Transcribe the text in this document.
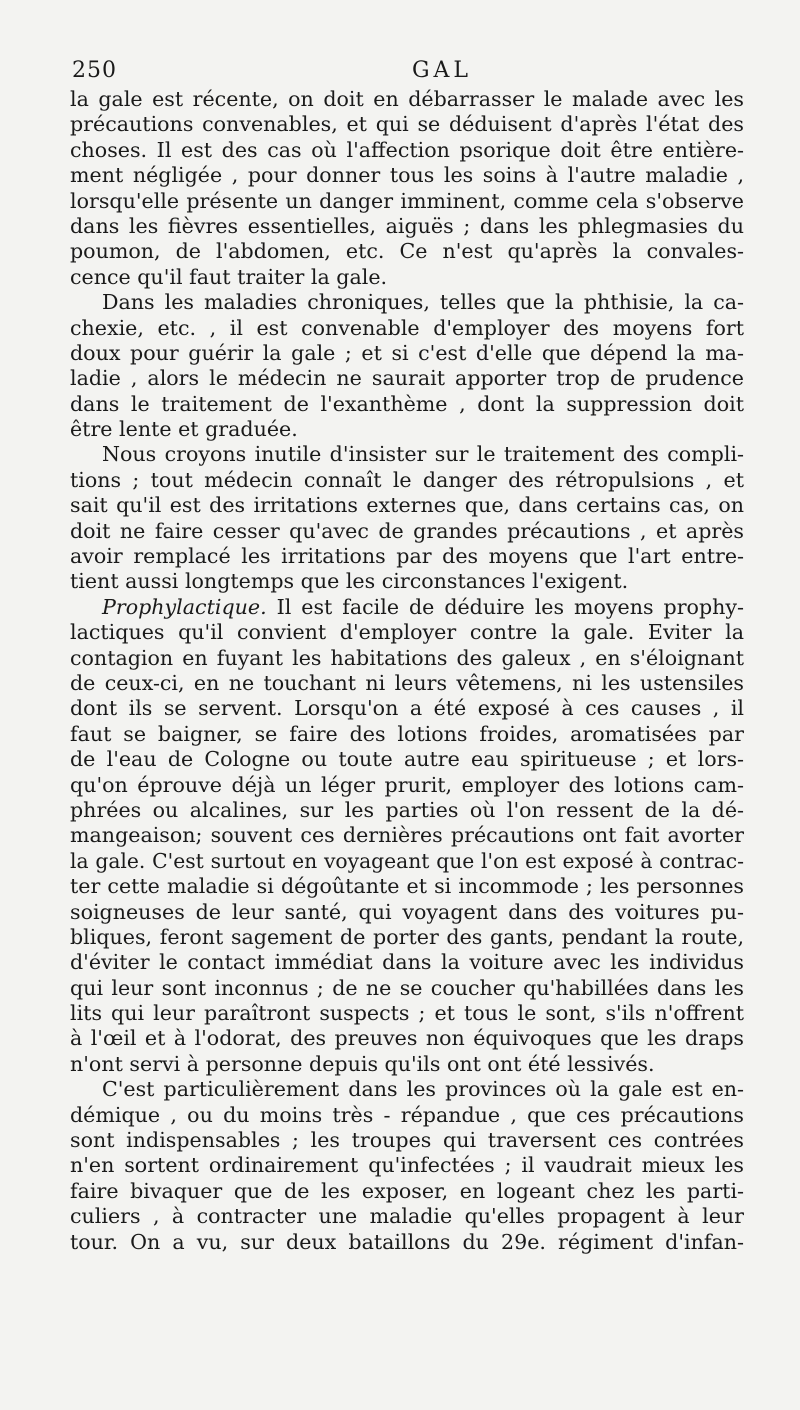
250	GAL
la gale est récente, on doit en débarrasser le malade avec les
précautions convenables, et qui se déduisent d'après l'état des
choses. Il est des cas où l'affection psorique doit être entière-
ment négligée , pour donner tous les soins à l'autre maladie ,
lorsqu'elle présente un danger imminent, comme cela s'observe
dans les fièvres essentielles, aiguës ; dans les phlegmasies du
poumon, de l'abdomen, etc. Ce n'est qu'après la convales-
cence qu'il faut traiter la gale.
Dans les maladies chroniques, telles que la phthisie, la ca-
chexie, etc. , il est convenable d'employer des moyens fort
doux pour guérir la gale ; et si c'est d'elle que dépend la ma-
ladie , alors le médecin ne saurait apporter trop de prudence
dans le traitement de l'exanthème , dont la suppression doit
être lente et graduée.
Nous croyons inutile d'insister sur le traitement des compli-
tions ; tout médecin connaît le danger des rétropulsions , et
sait qu'il est des irritations externes que, dans certains cas, on
doit ne faire cesser qu'avec de grandes précautions , et après
avoir remplacé les irritations par des moyens que l'art entre-
tient aussi longtemps que les circonstances l'exigent.
Prophylactique. Il est facile de déduire les moyens prophy-
lactiques qu'il convient d'employer contre la gale. Eviter la
contagion en fuyant les habitations des galeux , en s'éloignant
de ceux-ci, en ne touchant ni leurs vêtemens, ni les ustensiles
dont ils se servent. Lorsqu'on a été exposé à ces causes , il
faut se baigner, se faire des lotions froides, aromatisées par
de l'eau de Cologne ou toute autre eau spiritueuse ; et lors-
qu'on éprouve déjà un léger prurit, employer des lotions cam-
phrées ou alcalines, sur les parties où l'on ressent de la dé-
mangeaison; souvent ces dernières précautions ont fait avorter
la gale. C'est surtout en voyageant que l'on est exposé à contrac-
ter cette maladie si dégoûtante et si incommode ; les personnes
soigneuses de leur santé, qui voyagent dans des voitures pu-
bliques, feront sagement de porter des gants, pendant la route,
d'éviter le contact immédiat dans la voiture avec les individus
qui leur sont inconnus ; de ne se coucher qu'habillées dans les
lits qui leur paraîtront suspects ; et tous le sont, s'ils n'offrent
à l'œil et à l'odorat, des preuves non équivoques que les draps
n'ont servi à personne depuis qu'ils ont ont été lessivés.
C'est particulièrement dans les provinces où la gale est en-
démique , ou du moins très - répandue , que ces précautions
sont indispensables ; les troupes qui traversent ces contrées
n'en sortent ordinairement qu'infectées ; il vaudrait mieux les
faire bivaquer que de les exposer, en logeant chez les parti-
culiers , à contracter une maladie qu'elles propagent à leur
tour. On a vu, sur deux bataillons du 29e. régiment d'infan-
